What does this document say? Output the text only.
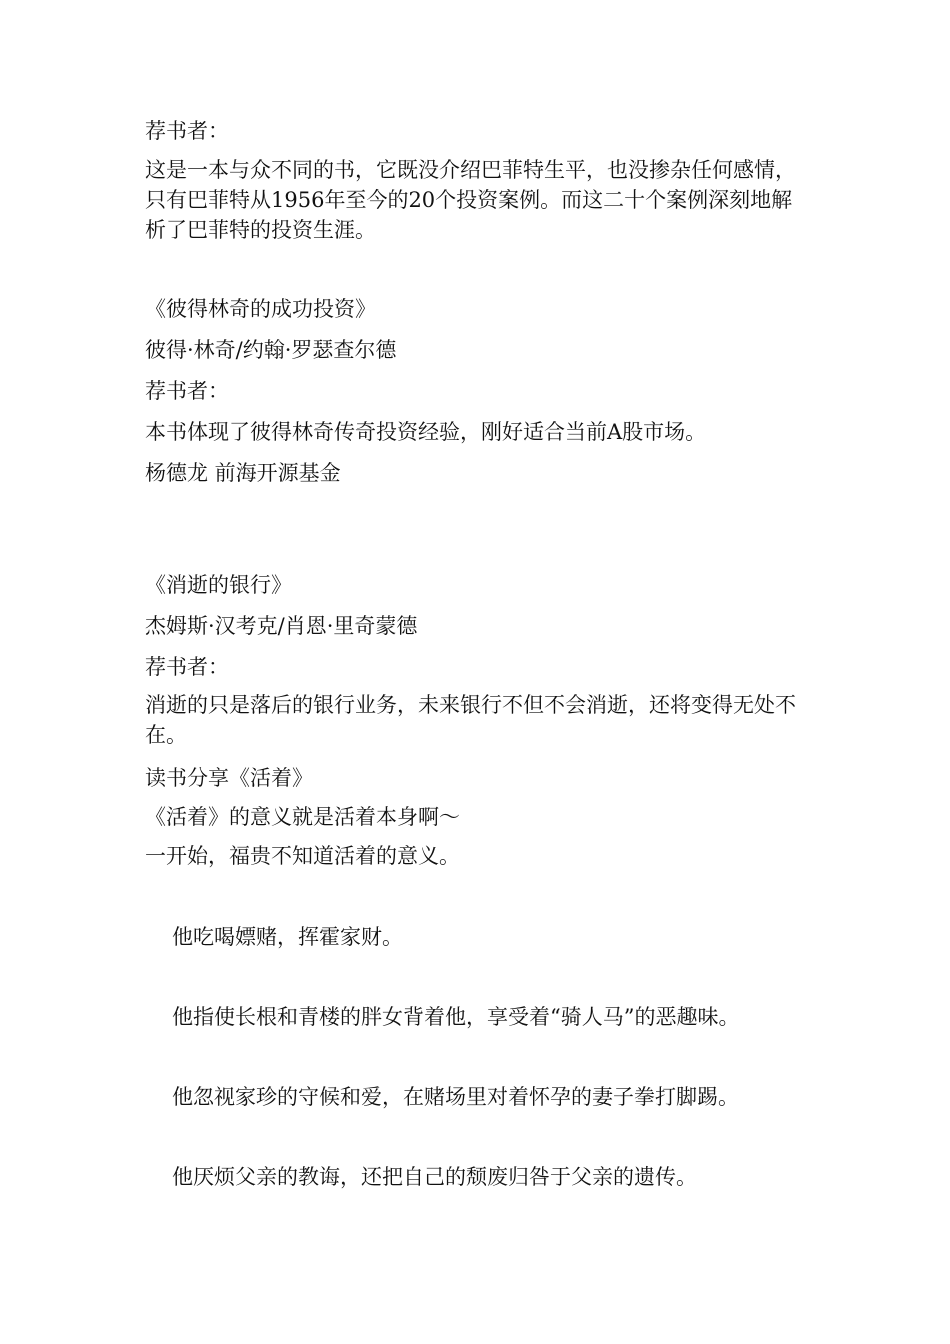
荐书者：
这是一本与众不同的书，它既没介绍巴菲特生平，也没掺杂任何感情，只有巴菲特从1956年至今的20个投资案例。而这二十个案例深刻地解析了巴菲特的投资生涯。
《彼得林奇的成功投资》
彼得·林奇/约翰·罗瑟查尔德
荐书者：
本书体现了彼得林奇传奇投资经验，刚好适合当前A股市场。
杨德龙 前海开源基金
《消逝的银行》
杰姆斯·汉考克/肖恩·里奇蒙德
荐书者：
消逝的只是落后的银行业务，未来银行不但不会消逝，还将变得无处不在。
读书分享《活着》
《活着》的意义就是活着本身啊～
一开始，福贵不知道活着的意义。
他吃喝嫖赌，挥霍家财。
他指使长根和青楼的胖女背着他，享受着“骑人马”的恶趣味。
他忽视家珍的守候和爱，在赌场里对着怀孕的妻子拳打脚踢。
他厌烦父亲的教诲，还把自己的颓废归咎于父亲的遗传。
